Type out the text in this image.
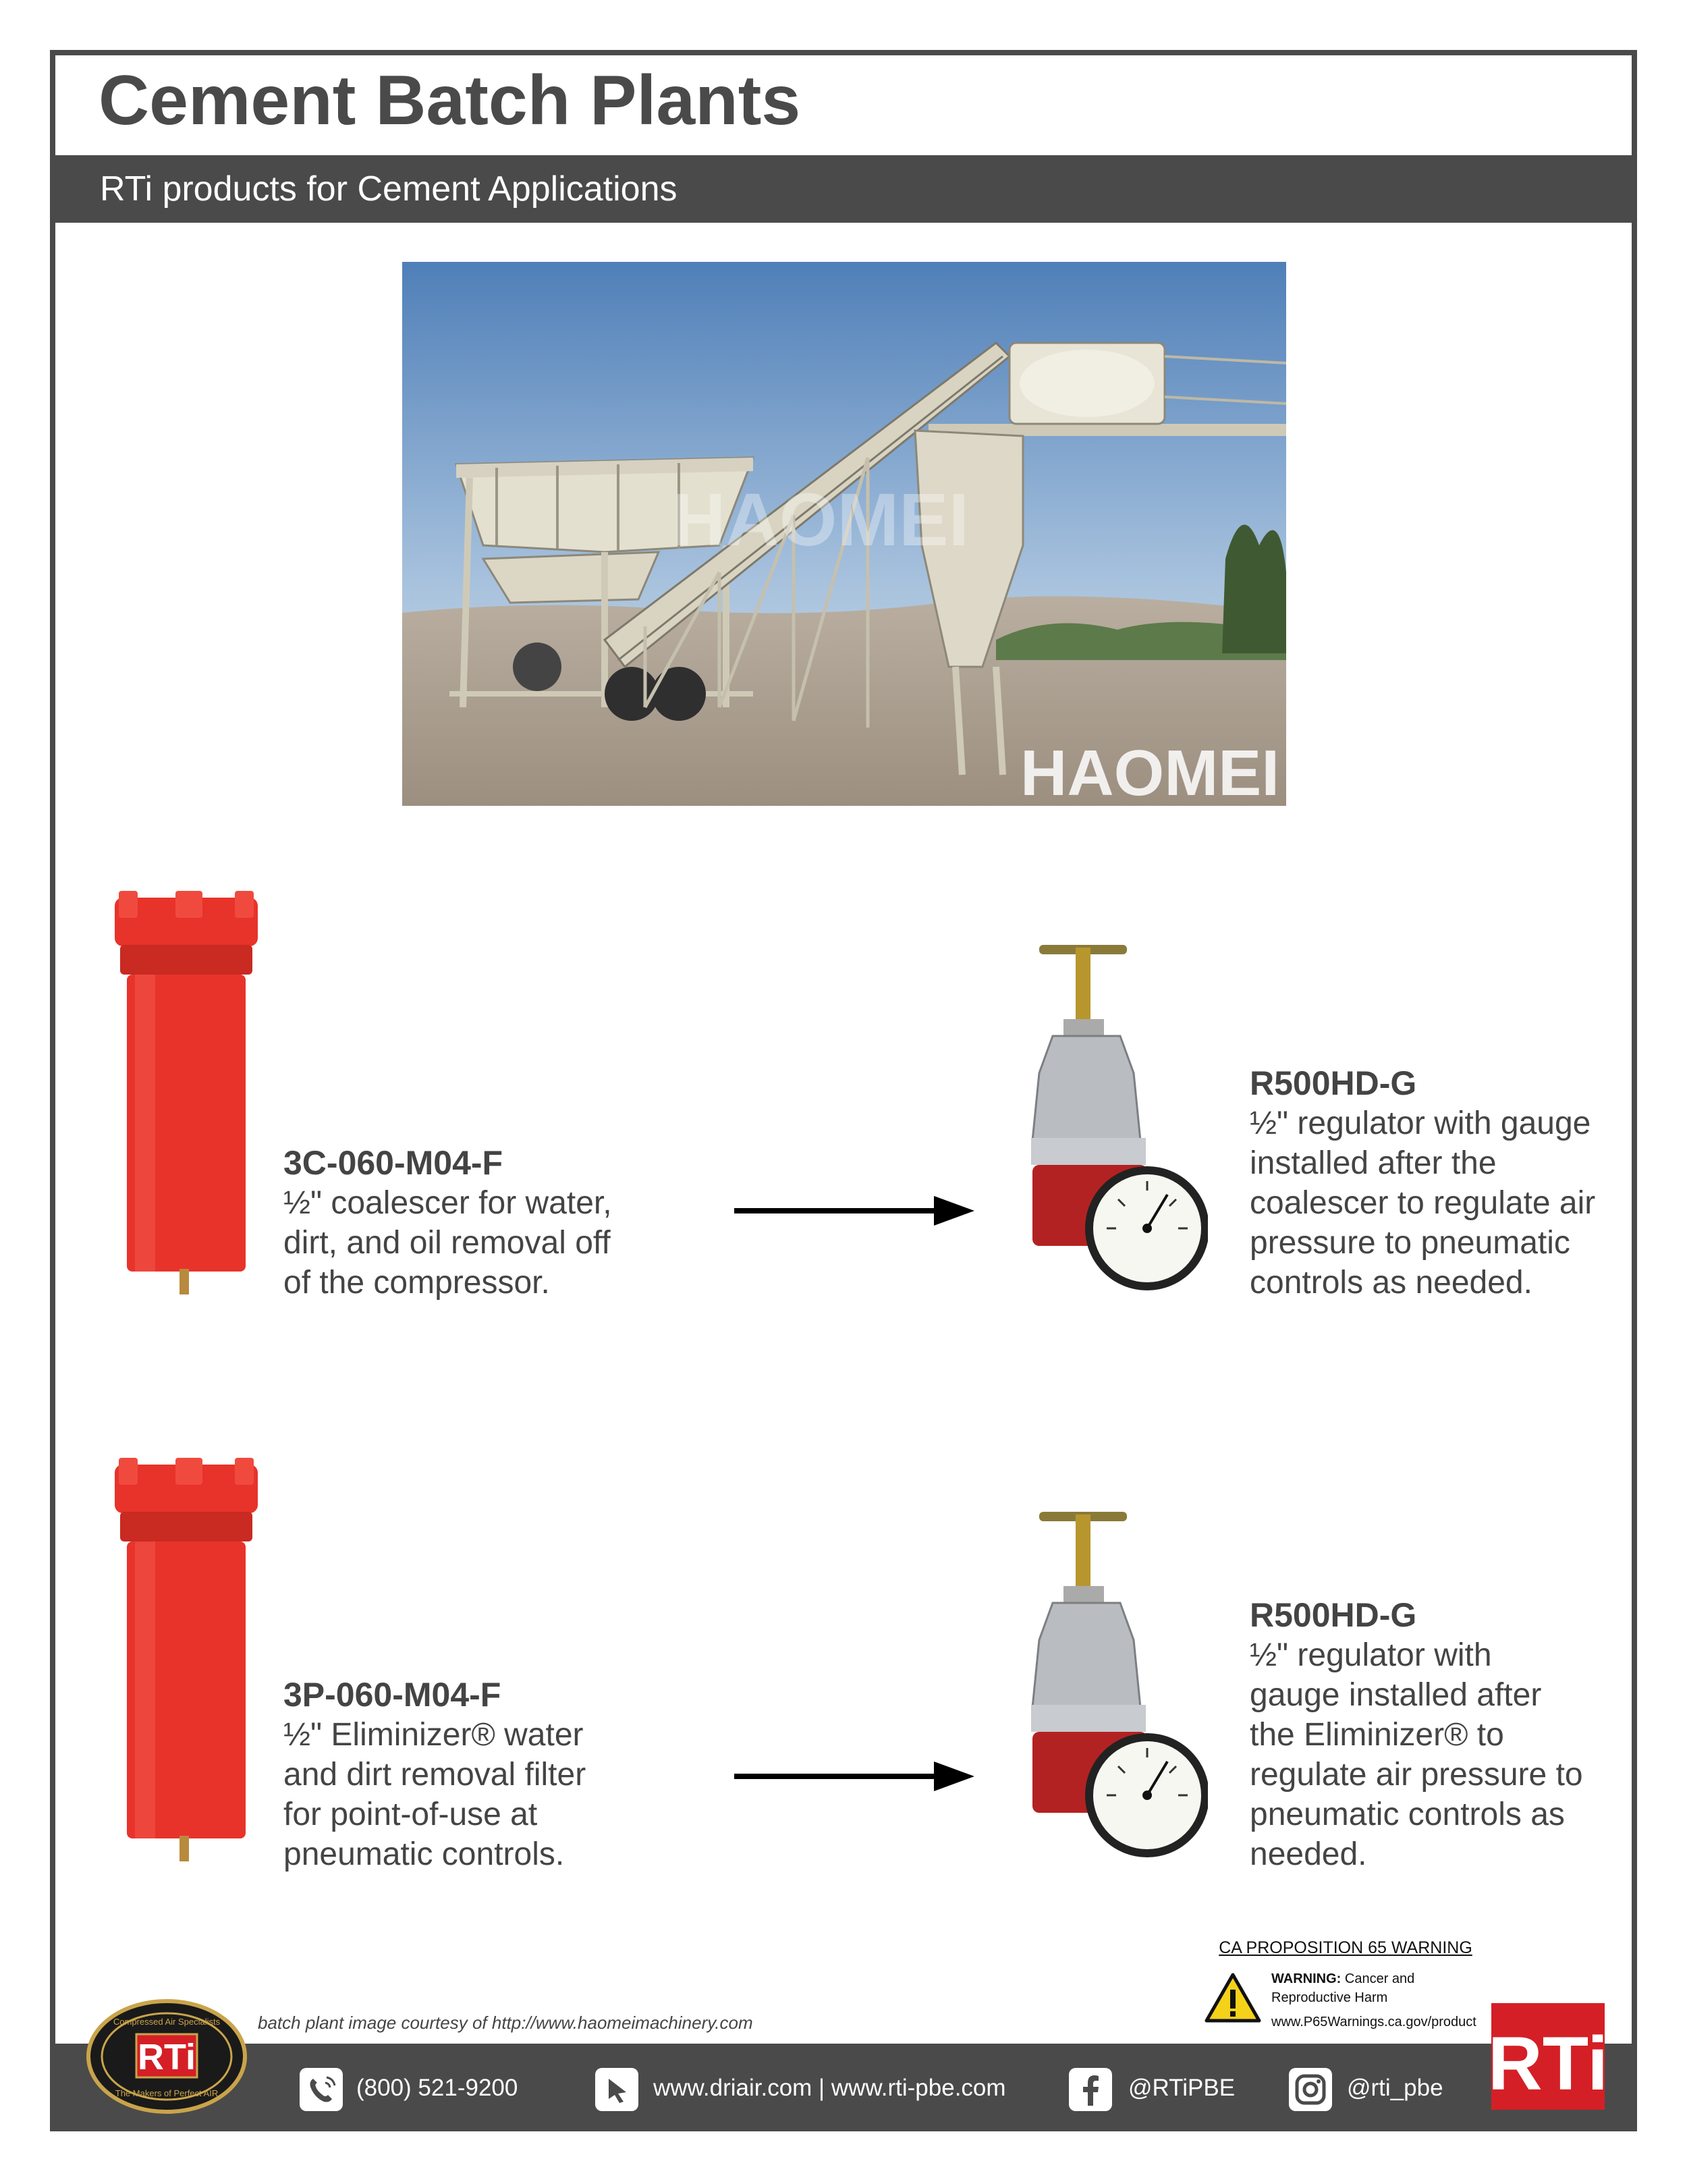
Cement Batch Plants
RTi products for Cement Applications
HAOMEI
HAOMEI
3C-060-M04-F
½" coalescer for water,
dirt, and oil removal off
of the compressor.
R500HD-G
½" regulator with gauge
installed after the
coalescer to regulate air
pressure to pneumatic
controls as needed.
3P-060-M04-F
½" Eliminizer® water
and dirt removal filter
for point-of-use at
pneumatic controls.
R500HD-G
½" regulator with
gauge installed after
the Eliminizer® to
regulate air pressure to
pneumatic controls as
needed.
CA PROPOSITION 65 WARNING
WARNING: Cancer and
Reproductive Harm
www.P65Warnings.ca.gov/product
batch plant image courtesy of http://www.haomeimachinery.com
(800) 521-9200	www.driair.com | www.rti-pbe.com	@RTiPBE	@rti_pbe
RTi
Compressed Air Specialists
The Makers of Perfect AIR	RTi
